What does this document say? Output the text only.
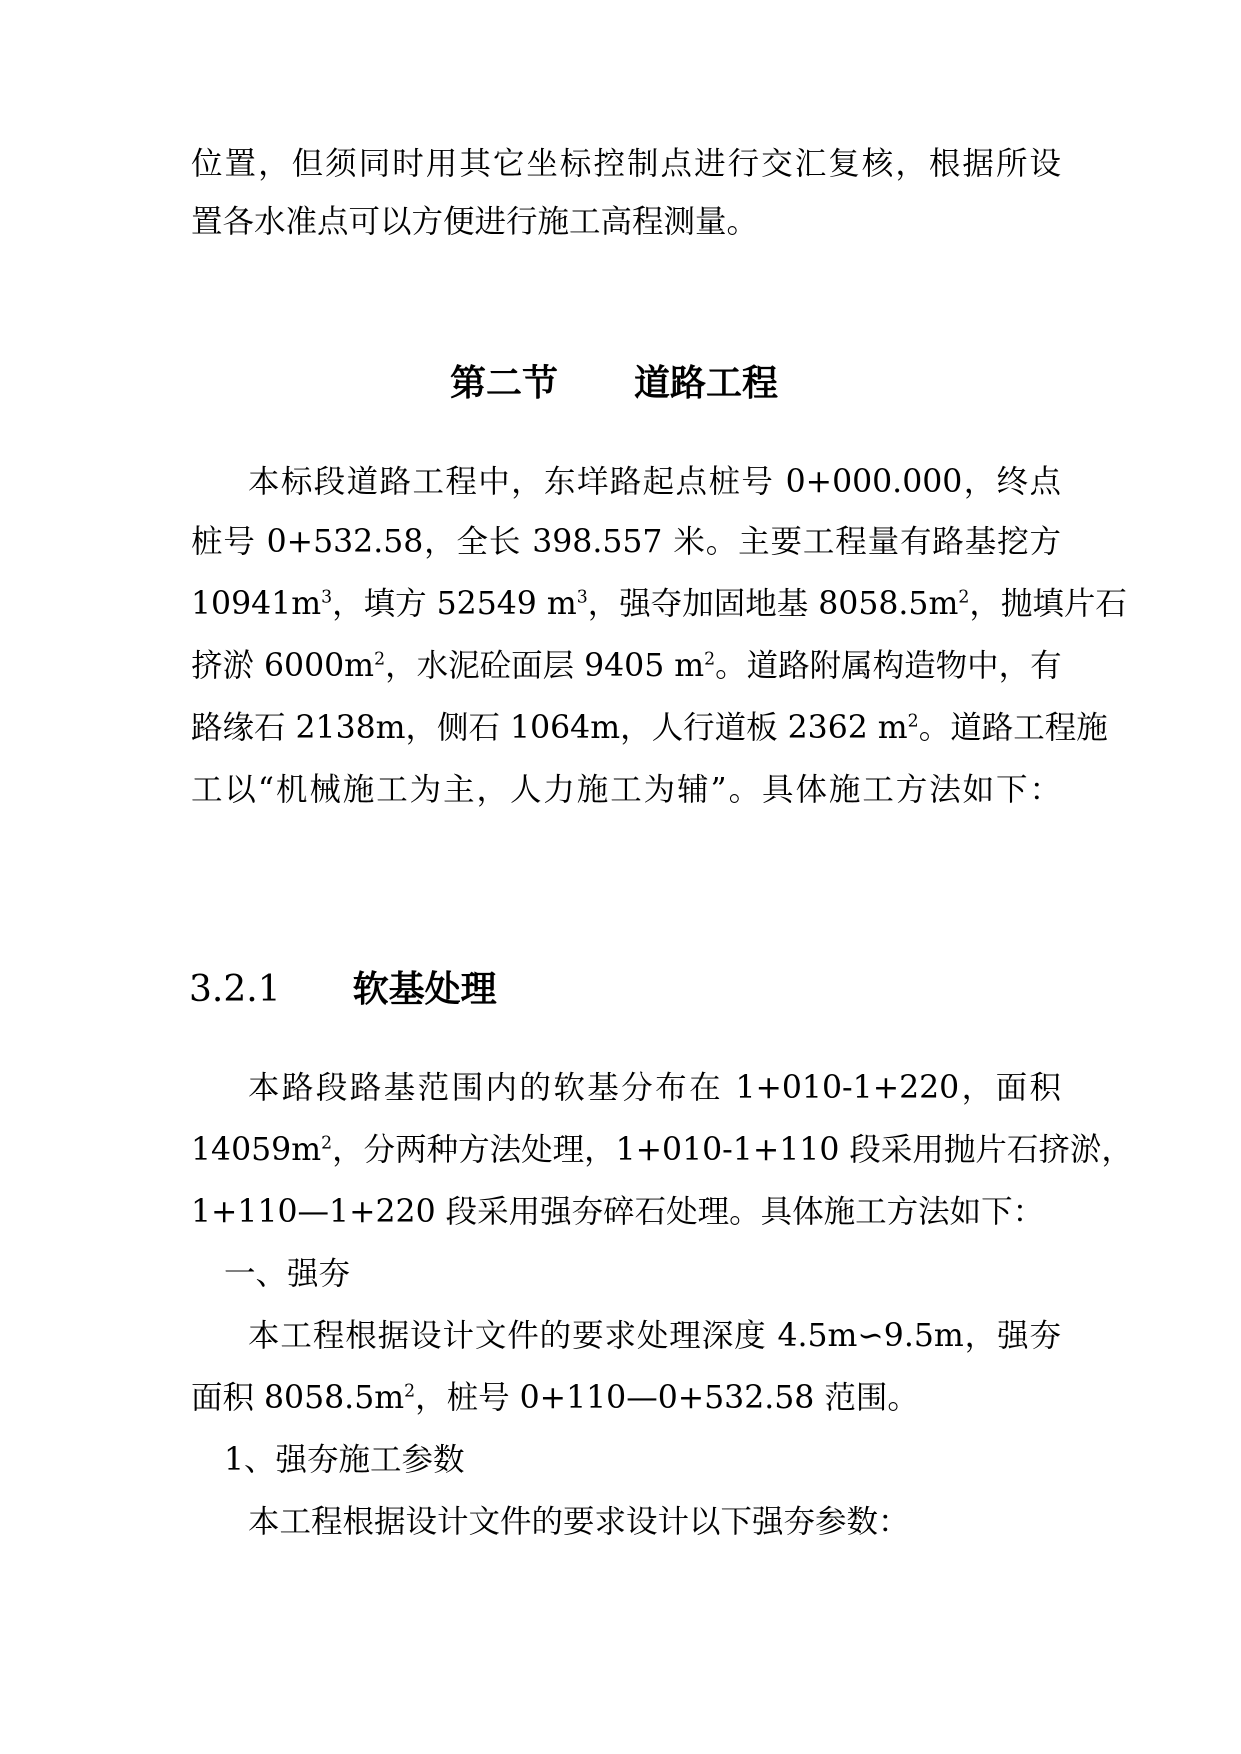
位置，但须同时用其它坐标控制点进行交汇复核，根据所设
置各水准点可以方便进行施工高程测量。
第二节 道路工程
本标段道路工程中，东垟路起点桩号 0+000.000，终点
桩号 0+532.58，全长 398.557 米。主要工程量有路基挖方
$10941m^3$，填方 52549 $m^3$，强夺加固地基 $8058.5m^2$，抛填片石
挤淤 $6000m^2$，水泥砼面层 9405 $m^2$。道路附属构造物中，有
路缘石 2138m，侧石 1064m，人行道板 2362 $m^2$。道路工程施
工以“机械施工为主，人力施工为辅”。具体施工方法如下：
3.2.1 软基处理
本路段路基范围内的软基分布在 1+010-1+220，面积
$14059m^2$，分两种方法处理，1+010-1+110 段采用抛片石挤淤，
1+110—1+220 段采用强夯碎石处理。具体施工方法如下：
一、强夯
本工程根据设计文件的要求处理深度 4.5m∽9.5m，强夯
面积 $8058.5m^2$，桩号 0+110—0+532.58 范围。
1、强夯施工参数
本工程根据设计文件的要求设计以下强夯参数：
